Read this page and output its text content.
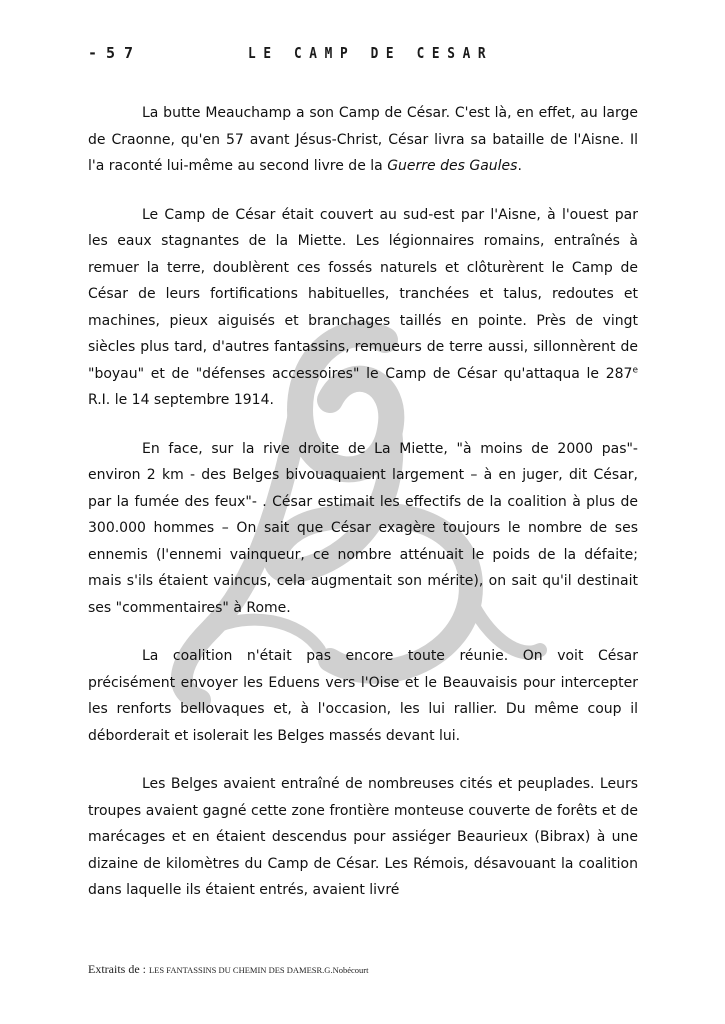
-57	LE CAMP DE CESAR

La butte Meauchamp a son Camp de César. C'est là, en effet, au large de Craonne, qu'en 57 avant Jésus-Christ, César livra sa bataille de l'Aisne. Il l'a raconté lui-même au second livre de la Guerre des Gaules.

Le Camp de César était couvert au sud-est par l'Aisne, à l'ouest par les eaux stagnantes de la Miette. Les légionnaires romains, entraînés à remuer la terre, doublèrent ces fossés naturels et clôturèrent le Camp de César de leurs fortifications habituelles, tranchées et talus, redoutes et machines, pieux aiguisés et branchages taillés en pointe. Près de vingt siècles plus tard, d'autres fantassins, remueurs de terre aussi, sillonnèrent de "boyau" et de "défenses accessoires" le Camp de César qu'attaqua le 287e R.I. le 14 septembre 1914.

En face, sur la rive droite de La Miette, "à moins de 2000 pas"- environ 2 km - des Belges bivouaquaient largement – à en juger, dit César, par la fumée des feux"- . César estimait les effectifs de la coalition à plus de 300.000 hommes – On sait que César exagère toujours le nombre de ses ennemis (l'ennemi vainqueur, ce nombre atténuait le poids de la défaite; mais s'ils étaient vaincus, cela augmentait son mérite), on sait qu'il destinait ses "commentaires" à Rome.

La coalition n'était pas encore toute réunie. On voit César précisément envoyer les Eduens vers l'Oise et le Beauvaisis pour intercepter les renforts bellovaques et, à l'occasion, les lui rallier. Du même coup il déborderait et isolerait les Belges massés devant lui.

Les Belges avaient entraîné de nombreuses cités et peuplades. Leurs troupes avaient gagné cette zone frontière monteuse couverte de forêts et de marécages et en étaient descendus pour assiéger Beaurieux (Bibrax) à une dizaine de kilomètres du Camp de César. Les Rémois, désavouant la coalition dans laquelle ils étaient entrés, avaient livré

Extraits de : LES FANTASSINS DU CHEMIN DES DAMESR.G.Nobécourt
